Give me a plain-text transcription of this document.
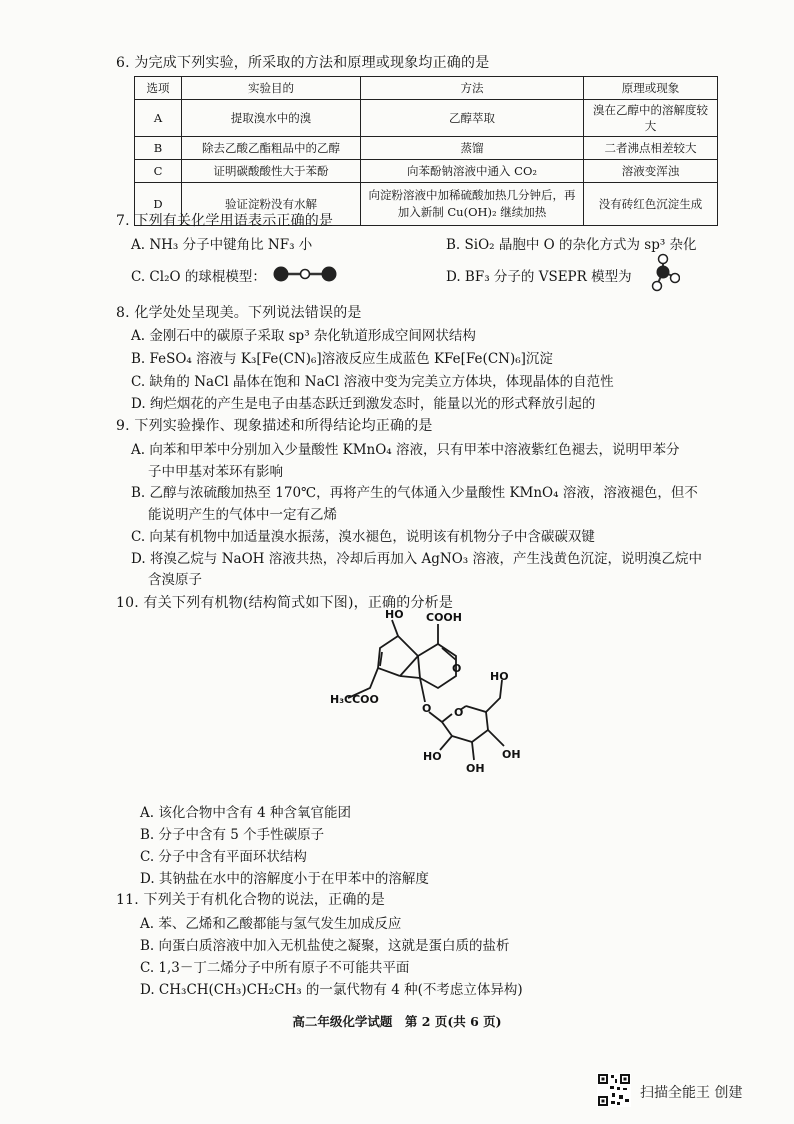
6. 为完成下列实验，所采取的方法和原理或现象均正确的是
选项	实验目的	方法	原理或现象
A	提取溴水中的溴	乙醇萃取	溴在乙醇中的溶解度较大
B	除去乙酸乙酯粗品中的乙醇	蒸馏	二者沸点相差较大
C	证明碳酸酸性大于苯酚	向苯酚钠溶液中通入 CO₂	溶液变浑浊
D	验证淀粉没有水解	向淀粉溶液中加稀硫酸加热几分钟后，再加入新制 Cu(OH)₂ 继续加热	没有砖红色沉淀生成
7. 下列有关化学用语表示正确的是
A. NH₃ 分子中键角比 NF₃ 小	B. SiO₂ 晶胞中 O 的杂化方式为 sp³ 杂化
C. Cl₂O 的球棍模型：	D. BF₃ 分子的 VSEPR 模型为
8. 化学处处呈现美。下列说法错误的是
A. 金刚石中的碳原子采取 sp³ 杂化轨道形成空间网状结构
B. FeSO₄ 溶液与 K₃[Fe(CN)₆]溶液反应生成蓝色 KFe[Fe(CN)₆]沉淀
C. 缺角的 NaCl 晶体在饱和 NaCl 溶液中变为完美立方体块，体现晶体的自范性
D. 绚烂烟花的产生是电子由基态跃迁到激发态时，能量以光的形式释放引起的
9. 下列实验操作、现象描述和所得结论均正确的是
A. 向苯和甲苯中分别加入少量酸性 KMnO₄ 溶液，只有甲苯中溶液紫红色褪去，说明甲苯分
子中甲基对苯环有影响
B. 乙醇与浓硫酸加热至 170℃，再将产生的气体通入少量酸性 KMnO₄ 溶液，溶液褪色，但不
能说明产生的气体中一定有乙烯
C. 向某有机物中加适量溴水振荡，溴水褪色，说明该有机物分子中含碳碳双键
D. 将溴乙烷与 NaOH 溶液共热，冷却后再加入 AgNO₃ 溶液，产生浅黄色沉淀，说明溴乙烷中
含溴原子
10. 有关下列有机物(结构简式如下图)，正确的分析是
HO COOH
H₃CCOO
O
O O
HO
HO	OH
OH
A. 该化合物中含有 4 种含氧官能团
B. 分子中含有 5 个手性碳原子
C. 分子中含有平面环状结构
D. 其钠盐在水中的溶解度小于在甲苯中的溶解度
11. 下列关于有机化合物的说法，正确的是
A. 苯、乙烯和乙酸都能与氢气发生加成反应
B. 向蛋白质溶液中加入无机盐使之凝聚，这就是蛋白质的盐析
C. 1,3－丁二烯分子中所有原子不可能共平面
D. CH₃CH(CH₃)CH₂CH₃ 的一氯代物有 4 种(不考虑立体异构)
高二年级化学试题　第 2 页(共 6 页)
扫描全能王 创建
